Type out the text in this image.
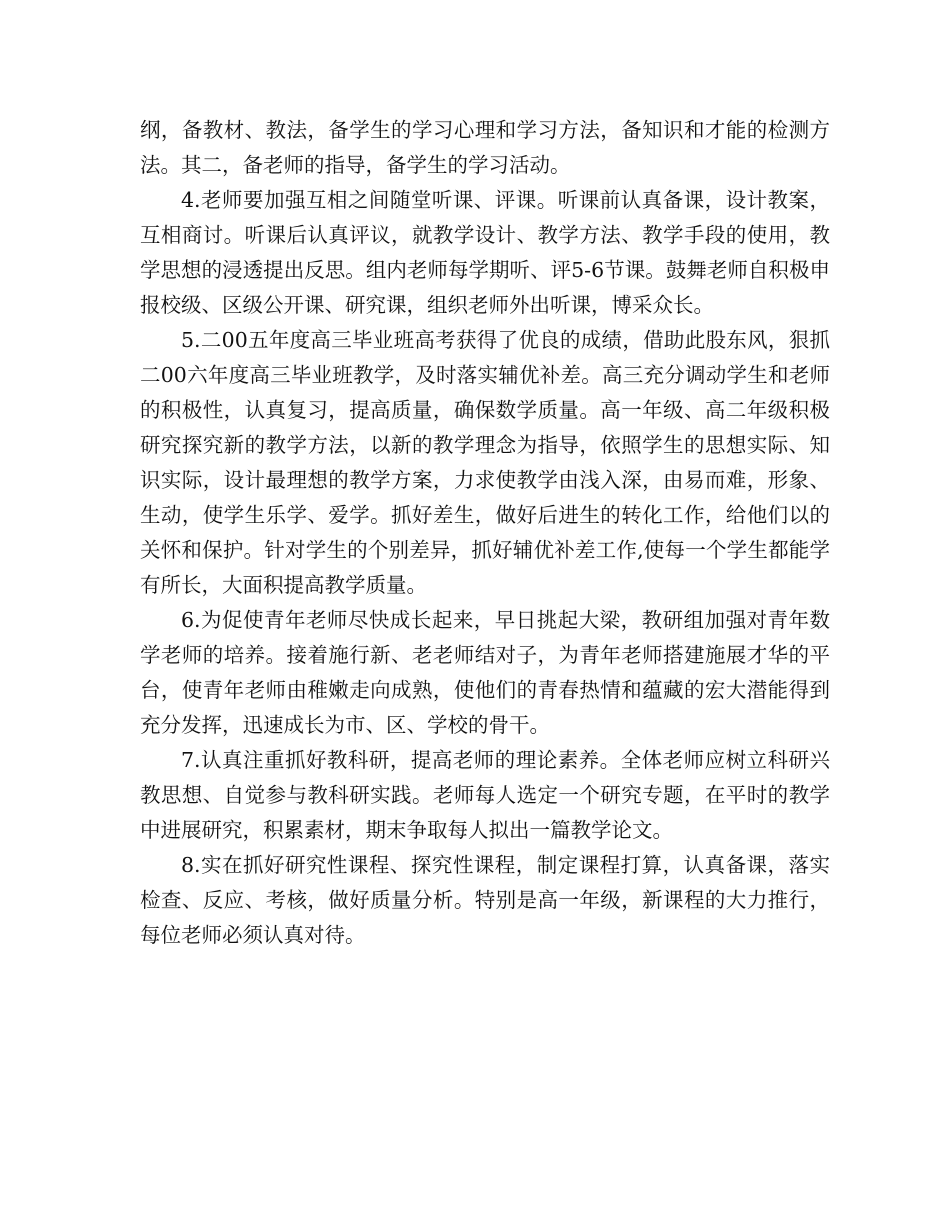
纲，备教材、教法，备学生的学习心理和学习方法，备知识和才能的检测方法。其二，备老师的指导，备学生的学习活动。

4.老师要加强互相之间随堂听课、评课。听课前认真备课，设计教案，互相商讨。听课后认真评议，就教学设计、教学方法、教学手段的使用，教学思想的浸透提出反思。组内老师每学期听、评5-6节课。鼓舞老师自积极申报校级、区级公开课、研究课，组织老师外出听课，博采众长。

5.二00五年度高三毕业班高考获得了优良的成绩，借助此股东风，狠抓二00六年度高三毕业班教学，及时落实辅优补差。高三充分调动学生和老师的积极性，认真复习，提高质量，确保数学质量。高一年级、高二年级积极研究探究新的教学方法，以新的教学理念为指导，依照学生的思想实际、知识实际，设计最理想的教学方案，力求使教学由浅入深，由易而难，形象、生动，使学生乐学、爱学。抓好差生，做好后进生的转化工作，给他们以的关怀和保护。针对学生的个别差异，抓好辅优补差工作,使每一个学生都能学有所长，大面积提高教学质量。

6.为促使青年老师尽快成长起来，早日挑起大梁，教研组加强对青年数学老师的培养。接着施行新、老老师结对子，为青年老师搭建施展才华的平台，使青年老师由稚嫩走向成熟，使他们的青春热情和蕴藏的宏大潜能得到充分发挥，迅速成长为市、区、学校的骨干。

7.认真注重抓好教科研，提高老师的理论素养。全体老师应树立科研兴教思想、自觉参与教科研实践。老师每人选定一个研究专题，在平时的教学中进展研究，积累素材，期末争取每人拟出一篇教学论文。

8.实在抓好研究性课程、探究性课程，制定课程打算，认真备课，落实检查、反应、考核，做好质量分析。特别是高一年级，新课程的大力推行，每位老师必须认真对待。
